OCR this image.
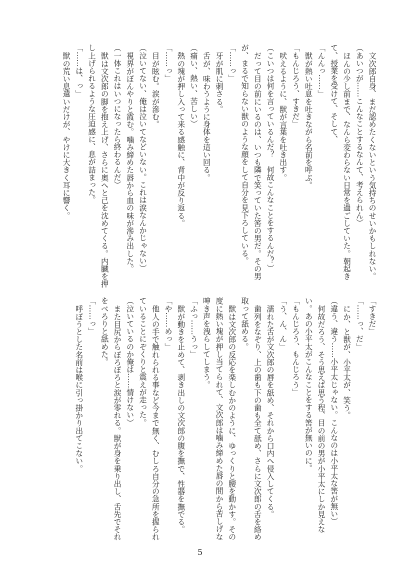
文次郎自身、まだ認めたくないという気持ちのせいかもしれない。

（あいつが……こんなことするなんて、考えられん）

ほんの少し前まで、なんら変わらない日常を過ごしていた。朝起きて、授業を受けて、そして、

「んんっ……」

獣が熱い吐息を吐きながら名前を呼ぶ。

「もんじろう、すきだ」

吠えるように、獣が言葉を吐き出す。

（こいつは何を言っているんだ？　何故こんなことをするんだ？）

だって目の前にいるのは、いつも隣で笑っていた筈の男だ。その男が、まるで知らない獣のような顔をして自分を見下ろしている。

「……っ」

牙が肌に刺さる。

舌が、味わうように身体を這い回る。

（痛い、熱い、苦しい）

熱の塊が押し入って来る感触に、背中が反り返る。

「……っ」

目が眩む。涙が滲む。

（泣いてない、俺は泣いてなどいない。これは涙なんかじゃない）

視界がぼんやりと霞む。噛み締めた唇から血の味が滲み出した。

（一体これはいつになったら終わるんだ）

獣は文次郎の脚を抱え上げ、さらに奥へと己を沈めてくる。内臓を押し上げられるような圧迫感に、息が詰まった。

「……は、っ」

獣の荒い息遣いだけが、やけに大きく耳に響く。

「すきだ」

「……っ、だ」

にか、と獣が、小平太が、笑う。

（違う、違う……小平太じゃない。こんなのは小平太な筈が無い）

何故だろう、そう思えば思う程、目の前の男が小平太にしか見えない。あの小平太がこんなことをする筈が無いのに。

「もんじろう、もんじろう」

「う、ん、ん」

濡れた舌が文次郎の唇を舐め、それから口内へ侵入してくる。

歯列をなぞり、上の歯も下の歯も全て舐め、さらに文次郎の舌を絡め取って舐める。

獣は文次郎の反応を楽しむかのように、ゆっくりと腰を動かす。その度に熱い塊が押し当てられて、文次郎は噛み締めた唇の間から苦しげな呻き声を洩らしてしまう。

「ふっ……うっ」

獣が動きを止めて、剥き出しの文次郎の腹を撫で、性器を撫でる。

「や……めっ」

他人の手で触れられる事など今まで無く、むしろ自分の急所を握られていることにぞくりと震えが走った。

（泣いているのか俺は……情けない）

また目尻からぼろぼろと涙が零れる。獣が身を乗り出し、舌先でそれをべろりと舐めた。

「……っ」

呼ぼうとした名前は喉に引っ掛かり出てこない。

5
